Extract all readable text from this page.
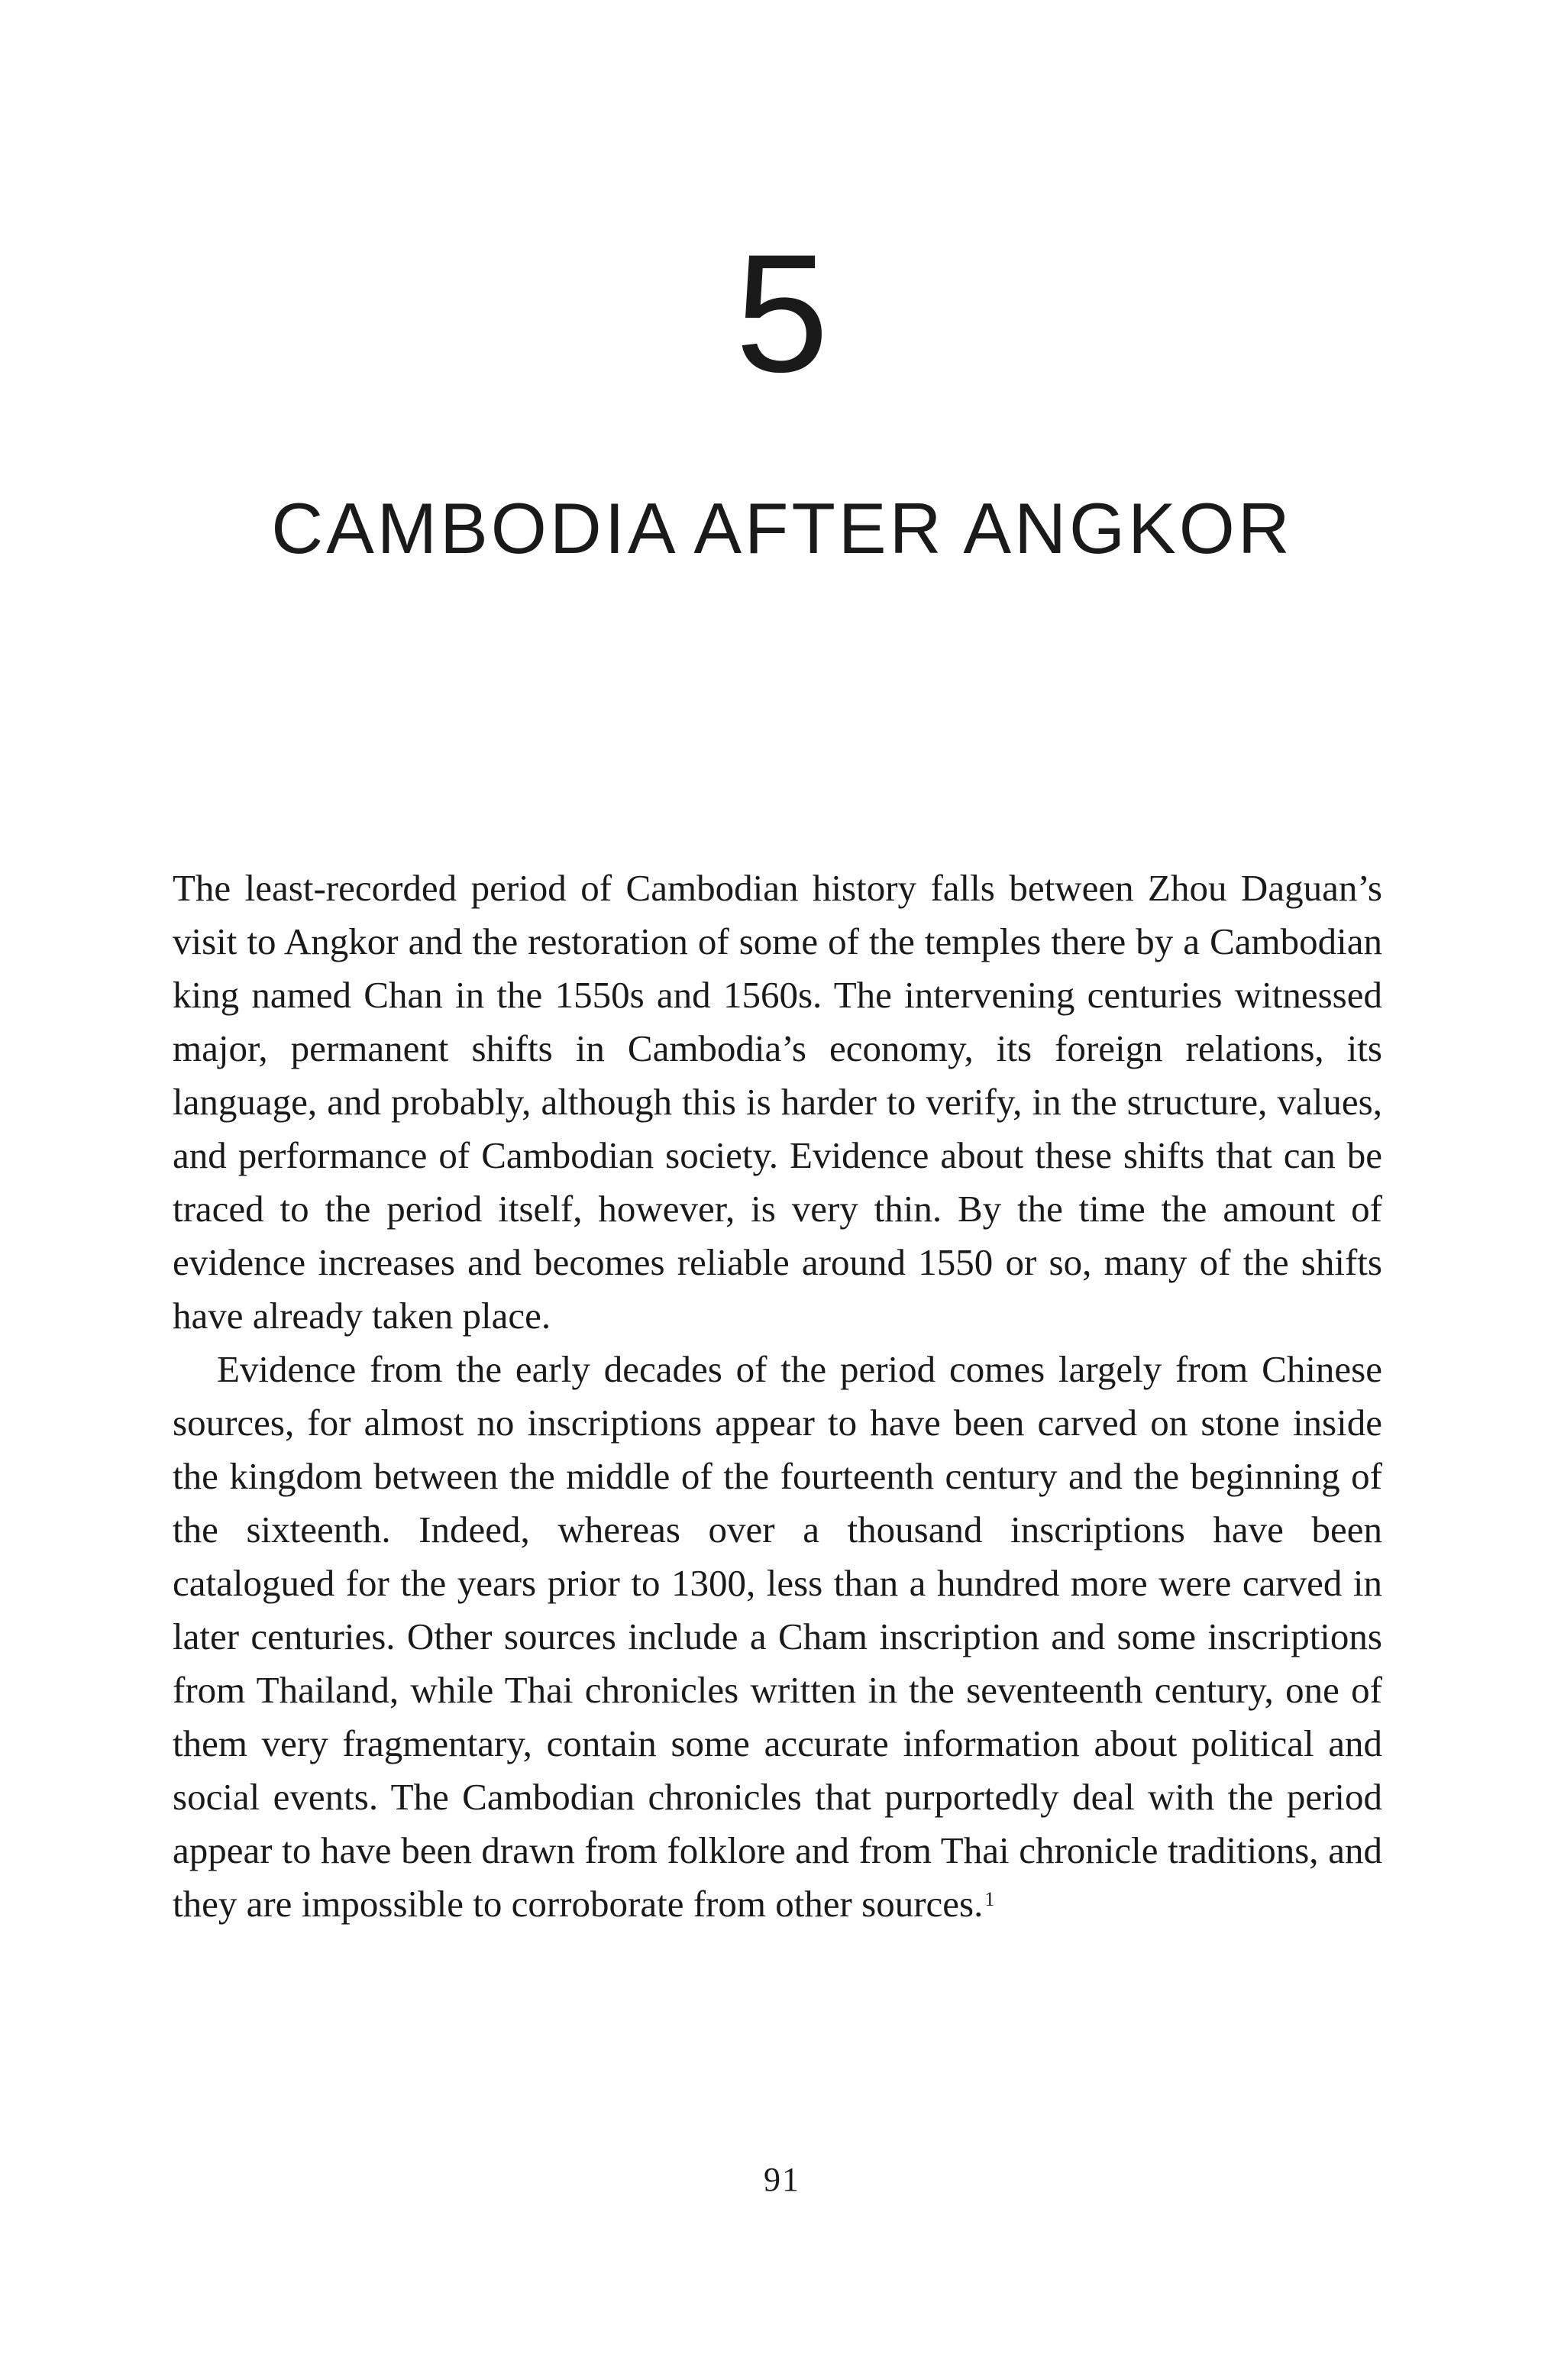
5
CAMBODIA AFTER ANGKOR

The least-recorded period of Cambodian history falls between Zhou Daguan’s visit to Angkor and the restoration of some of the temples there by a Cambodian king named Chan in the 1550s and 1560s. The intervening centuries witnessed major, permanent shifts in Cambodia’s economy, its foreign relations, its language, and probably, although this is harder to verify, in the structure, values, and performance of Cambodian society. Evidence about these shifts that can be traced to the period itself, however, is very thin. By the time the amount of evidence increases and becomes reliable around 1550 or so, many of the shifts have already taken place.

Evidence from the early decades of the period comes largely from Chinese sources, for almost no inscriptions appear to have been carved on stone inside the kingdom between the middle of the fourteenth century and the beginning of the sixteenth. Indeed, whereas over a thousand inscriptions have been catalogued for the years prior to 1300, less than a hundred more were carved in later centuries. Other sources include a Cham inscription and some inscriptions from Thailand, while Thai chronicles written in the seventeenth century, one of them very fragmentary, contain some accurate information about political and social events. The Cambodian chronicles that purportedly deal with the period appear to have been drawn from folklore and from Thai chronicle traditions, and they are impossible to corroborate from other sources.$^1$

91
